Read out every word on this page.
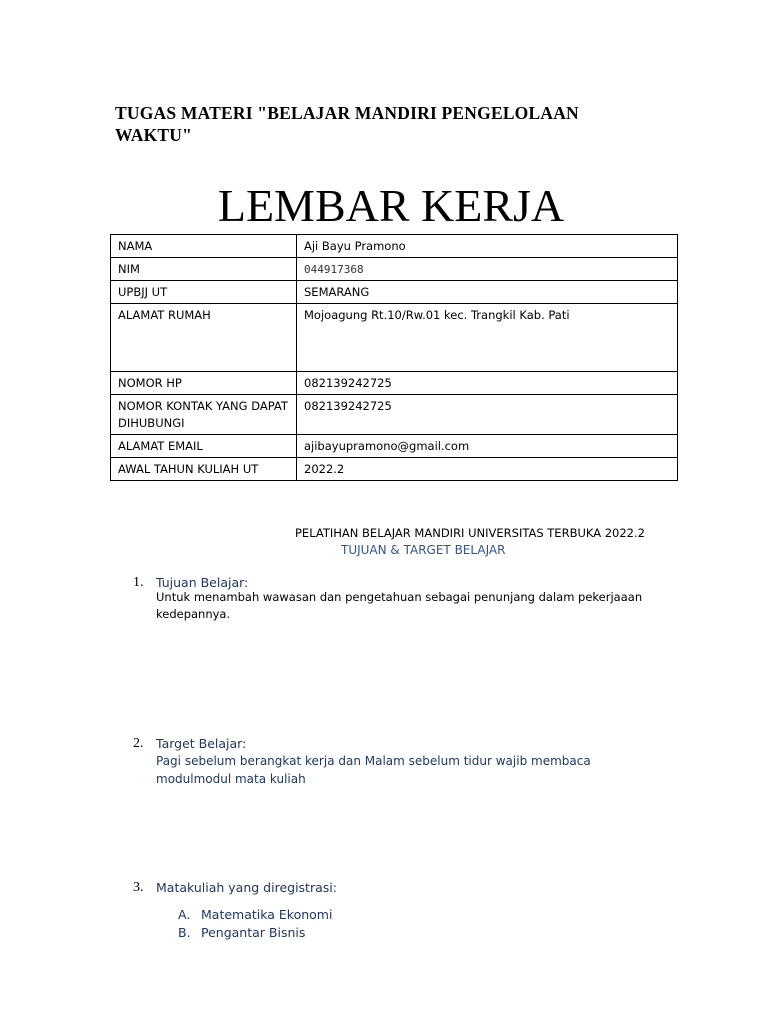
TUGAS MATERI "BELAJAR MANDIRI PENGELOLAAN WAKTU"
LEMBAR KERJA
NAMA	Aji Bayu Pramono
NIM	044917368
UPBJJ UT	SEMARANG
ALAMAT RUMAH	Mojoagung Rt.10/Rw.01 kec. Trangkil Kab. Pati
NOMOR HP	082139242725
NOMOR KONTAK YANG DAPAT DIHUBUNGI	082139242725
ALAMAT EMAIL	ajibayupramono@gmail.com
AWAL TAHUN KULIAH UT	2022.2
PELATIHAN BELAJAR MANDIRI UNIVERSITAS TERBUKA 2022.2
TUJUAN & TARGET BELAJAR
1.	Tujuan Belajar:
Untuk menambah wawasan dan pengetahuan sebagai penunjang dalam pekerjaaan kedepannya.
2.	Target Belajar:
Pagi sebelum berangkat kerja dan Malam sebelum tidur wajib membaca modulmodul mata kuliah
3.	Matakuliah yang diregistrasi:
A. Matematika Ekonomi
B. Pengantar Bisnis
